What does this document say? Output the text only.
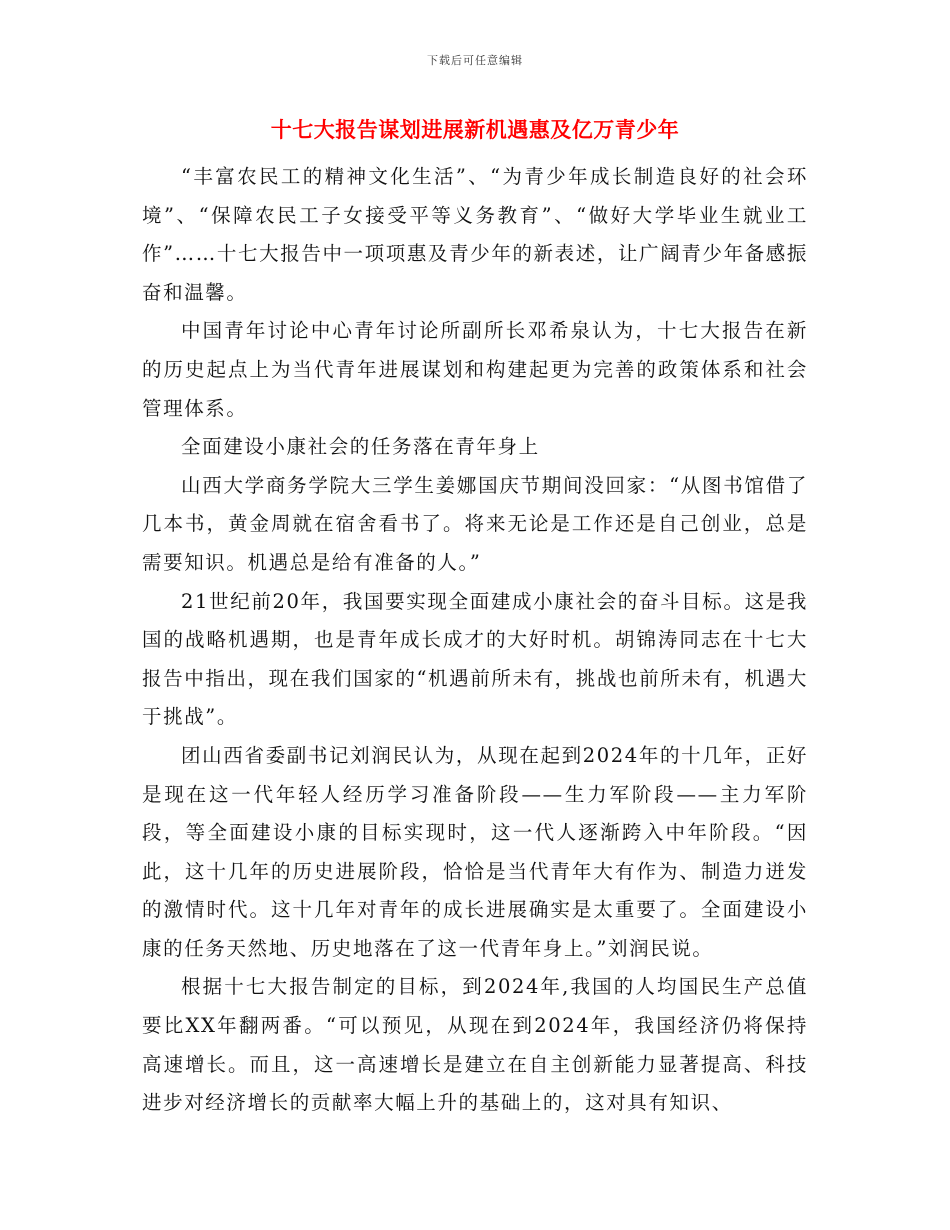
下载后可任意编辑
十七大报告谋划进展新机遇惠及亿万青少年

“丰富农民工的精神文化生活”、“为青少年成长制造良好的社会环境”、“保障农民工子女接受平等义务教育”、“做好大学毕业生就业工作”……十七大报告中一项项惠及青少年的新表述，让广阔青少年备感振奋和温馨。

中国青年讨论中心青年讨论所副所长邓希泉认为，十七大报告在新的历史起点上为当代青年进展谋划和构建起更为完善的政策体系和社会管理体系。

全面建设小康社会的任务落在青年身上

山西大学商务学院大三学生姜娜国庆节期间没回家：“从图书馆借了几本书，黄金周就在宿舍看书了。将来无论是工作还是自己创业，总是需要知识。机遇总是给有准备的人。”

21世纪前20年，我国要实现全面建成小康社会的奋斗目标。这是我国的战略机遇期，也是青年成长成才的大好时机。胡锦涛同志在十七大报告中指出，现在我们国家的“机遇前所未有，挑战也前所未有，机遇大于挑战”。

团山西省委副书记刘润民认为，从现在起到2024年的十几年，正好是现在这一代年轻人经历学习准备阶段——生力军阶段——主力军阶段，等全面建设小康的目标实现时，这一代人逐渐跨入中年阶段。“因此，这十几年的历史进展阶段，恰恰是当代青年大有作为、制造力迸发的激情时代。这十几年对青年的成长进展确实是太重要了。全面建设小康的任务天然地、历史地落在了这一代青年身上。”刘润民说。

根据十七大报告制定的目标，到2024年,我国的人均国民生产总值要比XX年翻两番。“可以预见，从现在到2024年，我国经济仍将保持高速增长。而且，这一高速增长是建立在自主创新能力显著提高、科技进步对经济增长的贡献率大幅上升的基础上的，这对具有知识、
